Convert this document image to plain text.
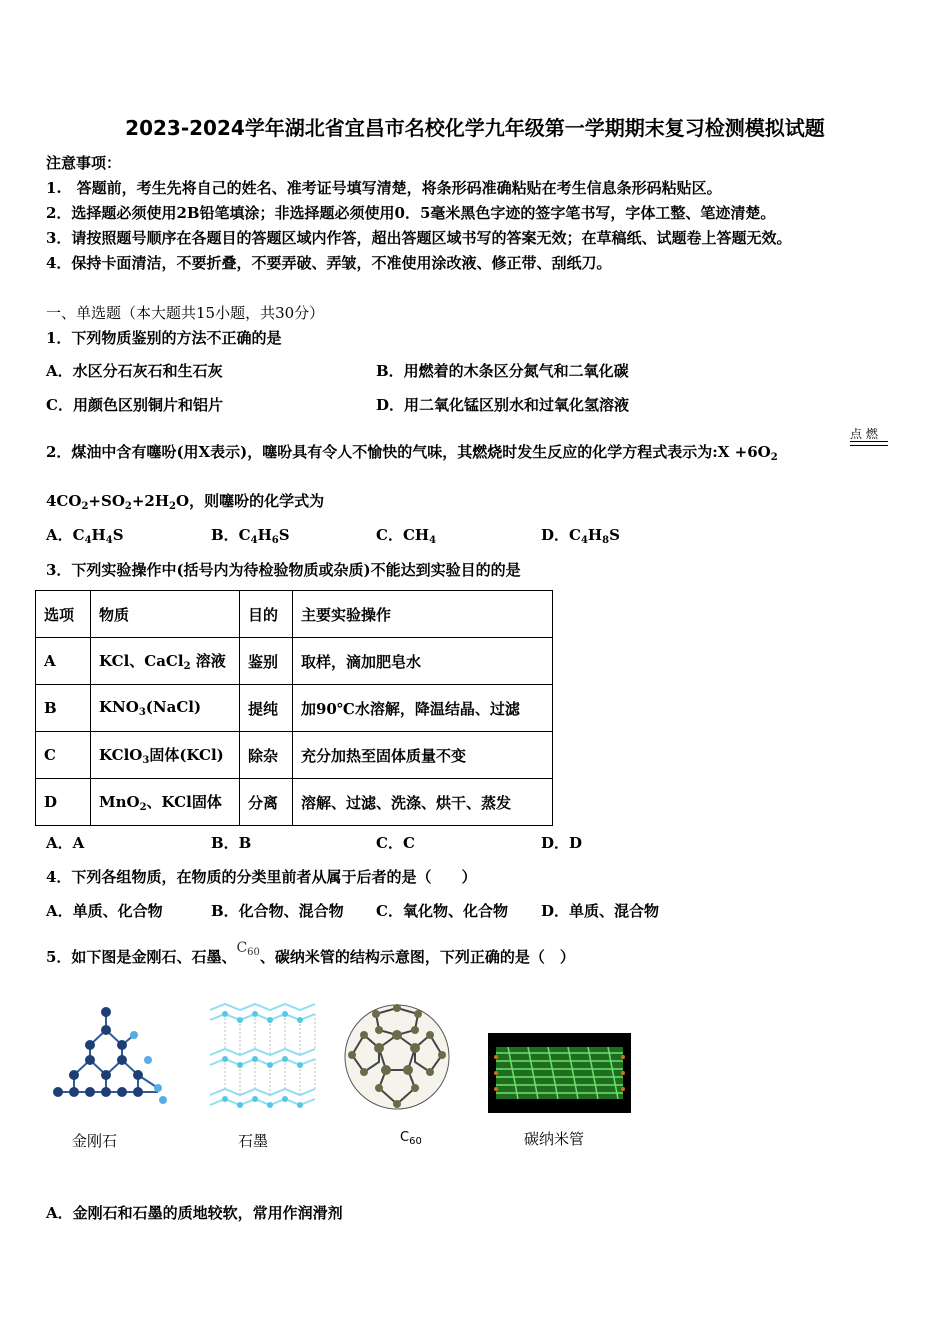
2023-2024学年湖北省宜昌市名校化学九年级第一学期期末复习检测模拟试题
注意事项：
1.　答题前，考生先将自己的姓名、准考证号填写清楚，将条形码准确粘贴在考生信息条形码粘贴区。
2．选择题必须使用2B铅笔填涂；非选择题必须使用0．5毫米黑色字迹的签字笔书写，字体工整、笔迹清楚。
3．请按照题号顺序在各题目的答题区域内作答，超出答题区域书写的答案无效；在草稿纸、试题卷上答题无效。
4．保持卡面清洁，不要折叠，不要弄破、弄皱，不准使用涂改液、修正带、刮纸刀。
一、单选题（本大题共15小题，共30分）
1．下列物质鉴别的方法不正确的是
A．水区分石灰石和生石灰	B．用燃着的木条区分氮气和二氧化碳
C．用颜色区别铜片和铝片	D．用二氧化锰区别水和过氧化氢溶液
2．煤油中含有噻吩(用X表示)，噻吩具有令人不愉快的气味，其燃烧时发生反应的化学方程式表示为:X $+6O_2$
点 燃
$4CO_2+SO_2+2H_2O$，则噻吩的化学式为
A．$C_4H_4S$	B．$C_4H_6S$	C．$CH_4$	D．$C_4H_8S$
3．下列实验操作中(括号内为待检验物质或杂质)不能达到实验目的的是
选项	物质	目的	主要实验操作
A	KCl、CaCl$_2$ 溶液	鉴别	取样，滴加肥皂水
B	$KNO_3(NaCl)$	提纯	加90℃水溶解，降温结晶、过滤
C	KClO$_3$固体(KCl)	除杂	充分加热至固体质量不变
D	MnO$_2$、KCl固体	分离	溶解、过滤、洗涤、烘干、蒸发
A．A	B．B	C．C	D．D
4．下列各组物质，在物质的分类里前者从属于后者的是（　　）
A．单质、化合物	B．化合物、混合物 C．氧化物、化合物 D．单质、混合物
5．如下图是金刚石、石墨、$C_{60}$、碳纳米管的结构示意图，下列正确的是（　）
金刚石	石墨	$C_{60}$	碳纳米管
A．金刚石和石墨的质地较软，常用作润滑剂
